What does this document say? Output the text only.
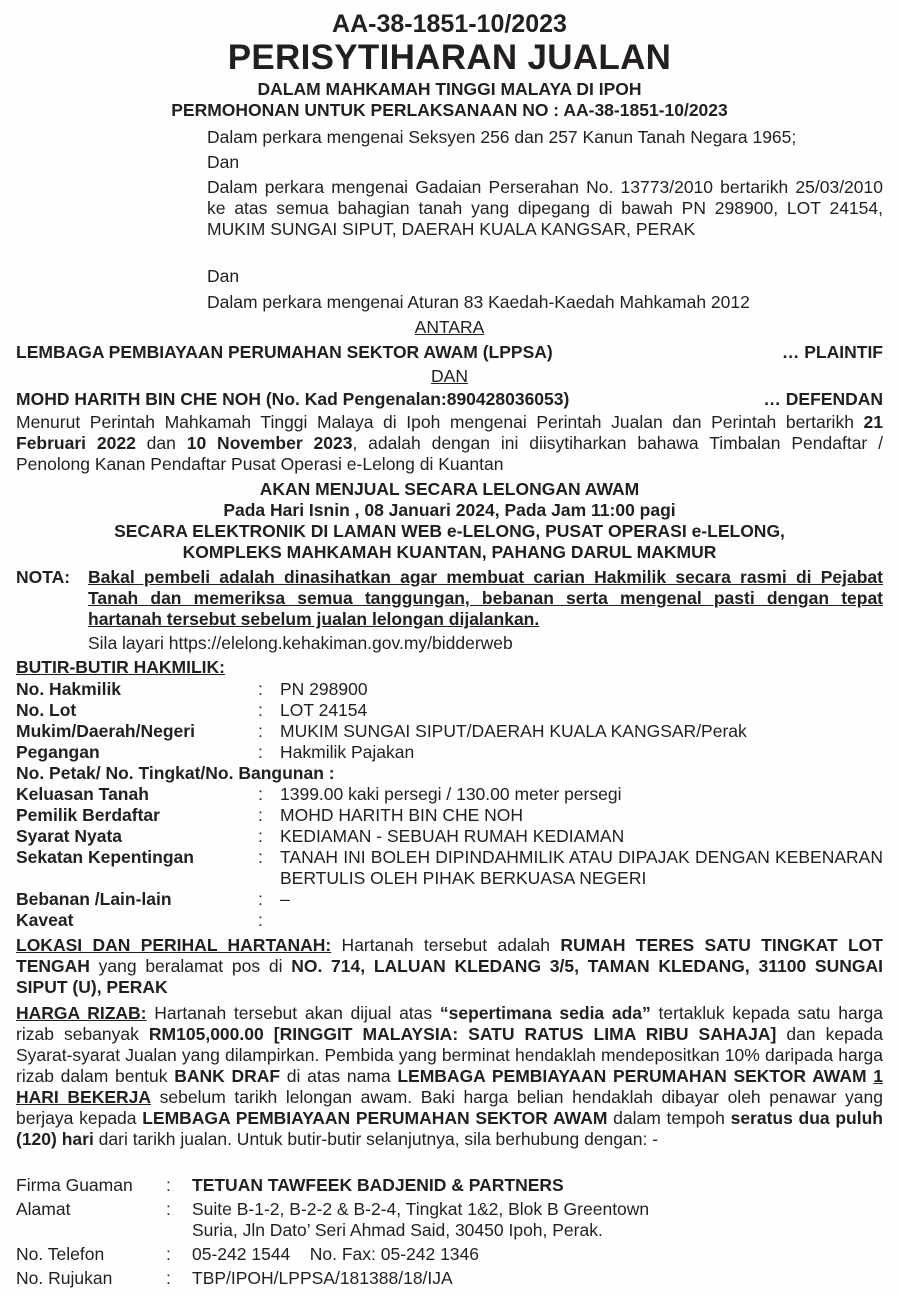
AA-38-1851-10/2023
PERISYTIHARAN JUALAN
DALAM MAHKAMAH TINGGI MALAYA DI IPOH
PERMOHONAN UNTUK PERLAKSANAAN NO : AA-38-1851-10/2023
Dalam perkara mengenai Seksyen 256 dan 257 Kanun Tanah Negara 1965;
Dan
Dalam perkara mengenai Gadaian Perserahan No. 13773/2010 bertarikh 25/03/2010 ke atas semua bahagian tanah yang dipegang di bawah PN 298900, LOT 24154, MUKIM SUNGAI SIPUT, DAERAH KUALA KANGSAR, PERAK
Dan
Dalam perkara mengenai Aturan 83 Kaedah-Kaedah Mahkamah 2012
ANTARA
LEMBAGA PEMBIAYAAN PERUMAHAN SEKTOR AWAM (LPPSA)	… PLAINTIF
DAN
MOHD HARITH BIN CHE NOH (No. Kad Pengenalan:890428036053)	… DEFENDAN
Menurut Perintah Mahkamah Tinggi Malaya di Ipoh mengenai Perintah Jualan dan Perintah bertarikh 21 Februari 2022 dan 10 November 2023, adalah dengan ini diisytiharkan bahawa Timbalan Pendaftar / Penolong Kanan Pendaftar Pusat Operasi e-Lelong di Kuantan
AKAN MENJUAL SECARA LELONGAN AWAM
Pada Hari Isnin , 08 Januari 2024, Pada Jam 11:00 pagi
SECARA ELEKTRONIK DI LAMAN WEB e-LELONG, PUSAT OPERASI e-LELONG,
KOMPLEKS MAHKAMAH KUANTAN, PAHANG DARUL MAKMUR
NOTA: Bakal pembeli adalah dinasihatkan agar membuat carian Hakmilik secara rasmi di Pejabat Tanah dan memeriksa semua tanggungan, bebanan serta mengenal pasti dengan tepat hartanah tersebut sebelum jualan lelongan dijalankan.
Sila layari https://elelong.kehakiman.gov.my/bidderweb
BUTIR-BUTIR HAKMILIK:
No. Hakmilik	: PN 298900
No. Lot	: LOT 24154
Mukim/Daerah/Negeri	: MUKIM SUNGAI SIPUT/DAERAH KUALA KANGSAR/Perak
Pegangan	: Hakmilik Pajakan
No. Petak/ No. Tingkat/No. Bangunan :
Keluasan Tanah	: 1399.00 kaki persegi / 130.00 meter persegi
Pemilik Berdaftar	: MOHD HARITH BIN CHE NOH
Syarat Nyata	: KEDIAMAN - SEBUAH RUMAH KEDIAMAN
Sekatan Kepentingan	: TANAH INI BOLEH DIPINDAHMILIK ATAU DIPAJAK DENGAN KEBENARAN BERTULIS OLEH PIHAK BERKUASA NEGERI
Bebanan /Lain-lain	: –
Kaveat	:
LOKASI DAN PERIHAL HARTANAH: Hartanah tersebut adalah RUMAH TERES SATU TINGKAT LOT TENGAH yang beralamat pos di NO. 714, LALUAN KLEDANG 3/5, TAMAN KLEDANG, 31100 SUNGAI SIPUT (U), PERAK
HARGA RIZAB: Hartanah tersebut akan dijual atas “sepertimana sedia ada” tertakluk kepada satu harga rizab sebanyak RM105,000.00 [RINGGIT MALAYSIA: SATU RATUS LIMA RIBU SAHAJA] dan kepada Syarat-syarat Jualan yang dilampirkan. Pembida yang berminat hendaklah mendepositkan 10% daripada harga rizab dalam bentuk BANK DRAF di atas nama LEMBAGA PEMBIAYAAN PERUMAHAN SEKTOR AWAM 1 HARI BEKERJA sebelum tarikh lelongan awam. Baki harga belian hendaklah dibayar oleh penawar yang berjaya kepada LEMBAGA PEMBIAYAAN PERUMAHAN SEKTOR AWAM dalam tempoh seratus dua puluh (120) hari dari tarikh jualan. Untuk butir-butir selanjutnya, sila berhubung dengan: -
Firma Guaman	:	TETUAN TAWFEEK BADJENID & PARTNERS
Alamat	:	Suite B-1-2, B-2-2 & B-2-4, Tingkat 1&2, Blok B Greentown
Suria, Jln Dato’ Seri Ahmad Said, 30450 Ipoh, Perak.
No. Telefon	:	05-242 1544    No. Fax: 05-242 1346
No. Rujukan	:	TBP/IPOH/LPPSA/181388/18/IJA
